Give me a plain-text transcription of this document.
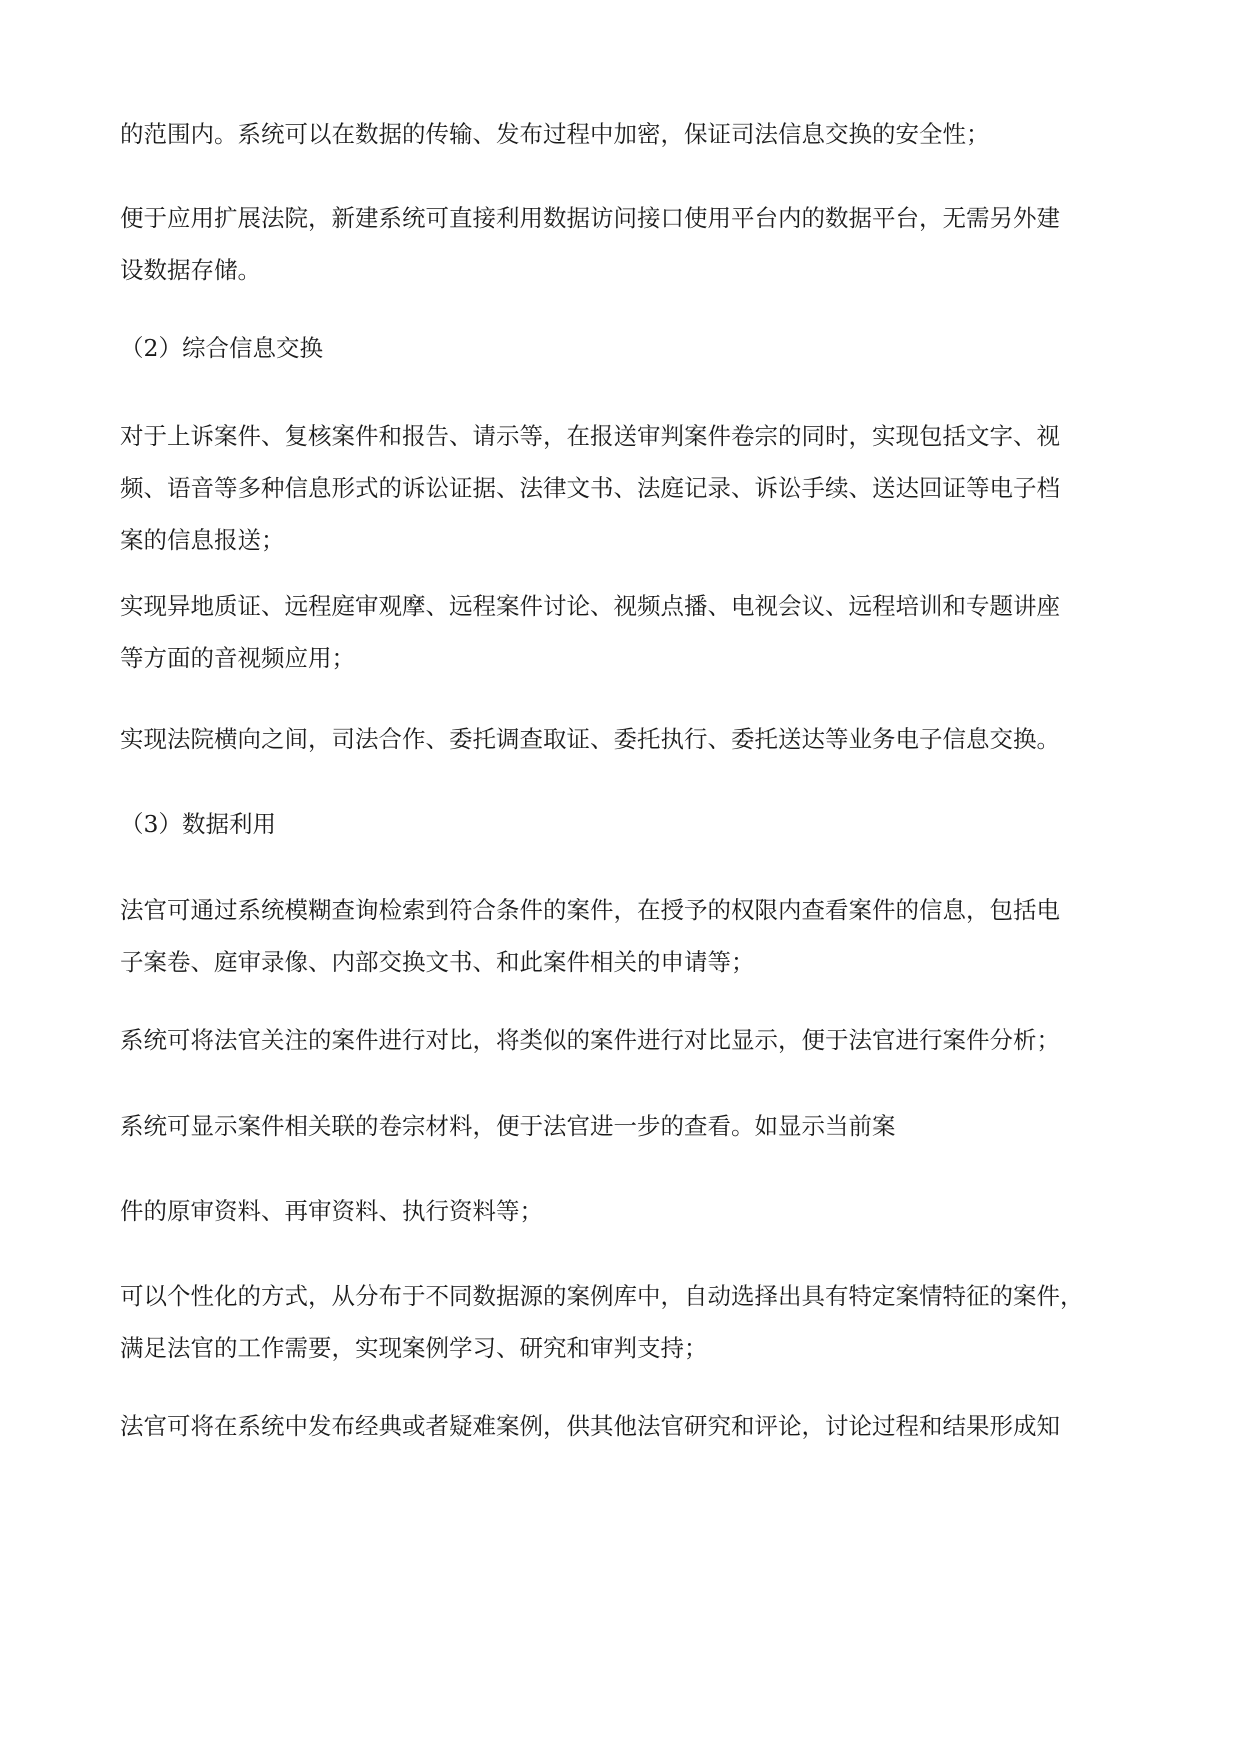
的范围内。系统可以在数据的传输、发布过程中加密，保证司法信息交换的安全性；

便于应用扩展法院，新建系统可直接利用数据访问接口使用平台内的数据平台，无需另外建
设数据存储。

（2）综合信息交换

对于上诉案件、复核案件和报告、请示等，在报送审判案件卷宗的同时，实现包括文字、视
频、语音等多种信息形式的诉讼证据、法律文书、法庭记录、诉讼手续、送达回证等电子档
案的信息报送；

实现异地质证、远程庭审观摩、远程案件讨论、视频点播、电视会议、远程培训和专题讲座
等方面的音视频应用；

实现法院横向之间，司法合作、委托调查取证、委托执行、委托送达等业务电子信息交换。

（3）数据利用

法官可通过系统模糊查询检索到符合条件的案件，在授予的权限内查看案件的信息，包括电
子案卷、庭审录像、内部交换文书、和此案件相关的申请等；

系统可将法官关注的案件进行对比，将类似的案件进行对比显示，便于法官进行案件分析；

系统可显示案件相关联的卷宗材料，便于法官进一步的查看。如显示当前案

件的原审资料、再审资料、执行资料等；

可以个性化的方式，从分布于不同数据源的案例库中，自动选择出具有特定案情特征的案件，
满足法官的工作需要，实现案例学习、研究和审判支持；

法官可将在系统中发布经典或者疑难案例，供其他法官研究和评论，讨论过程和结果形成知
